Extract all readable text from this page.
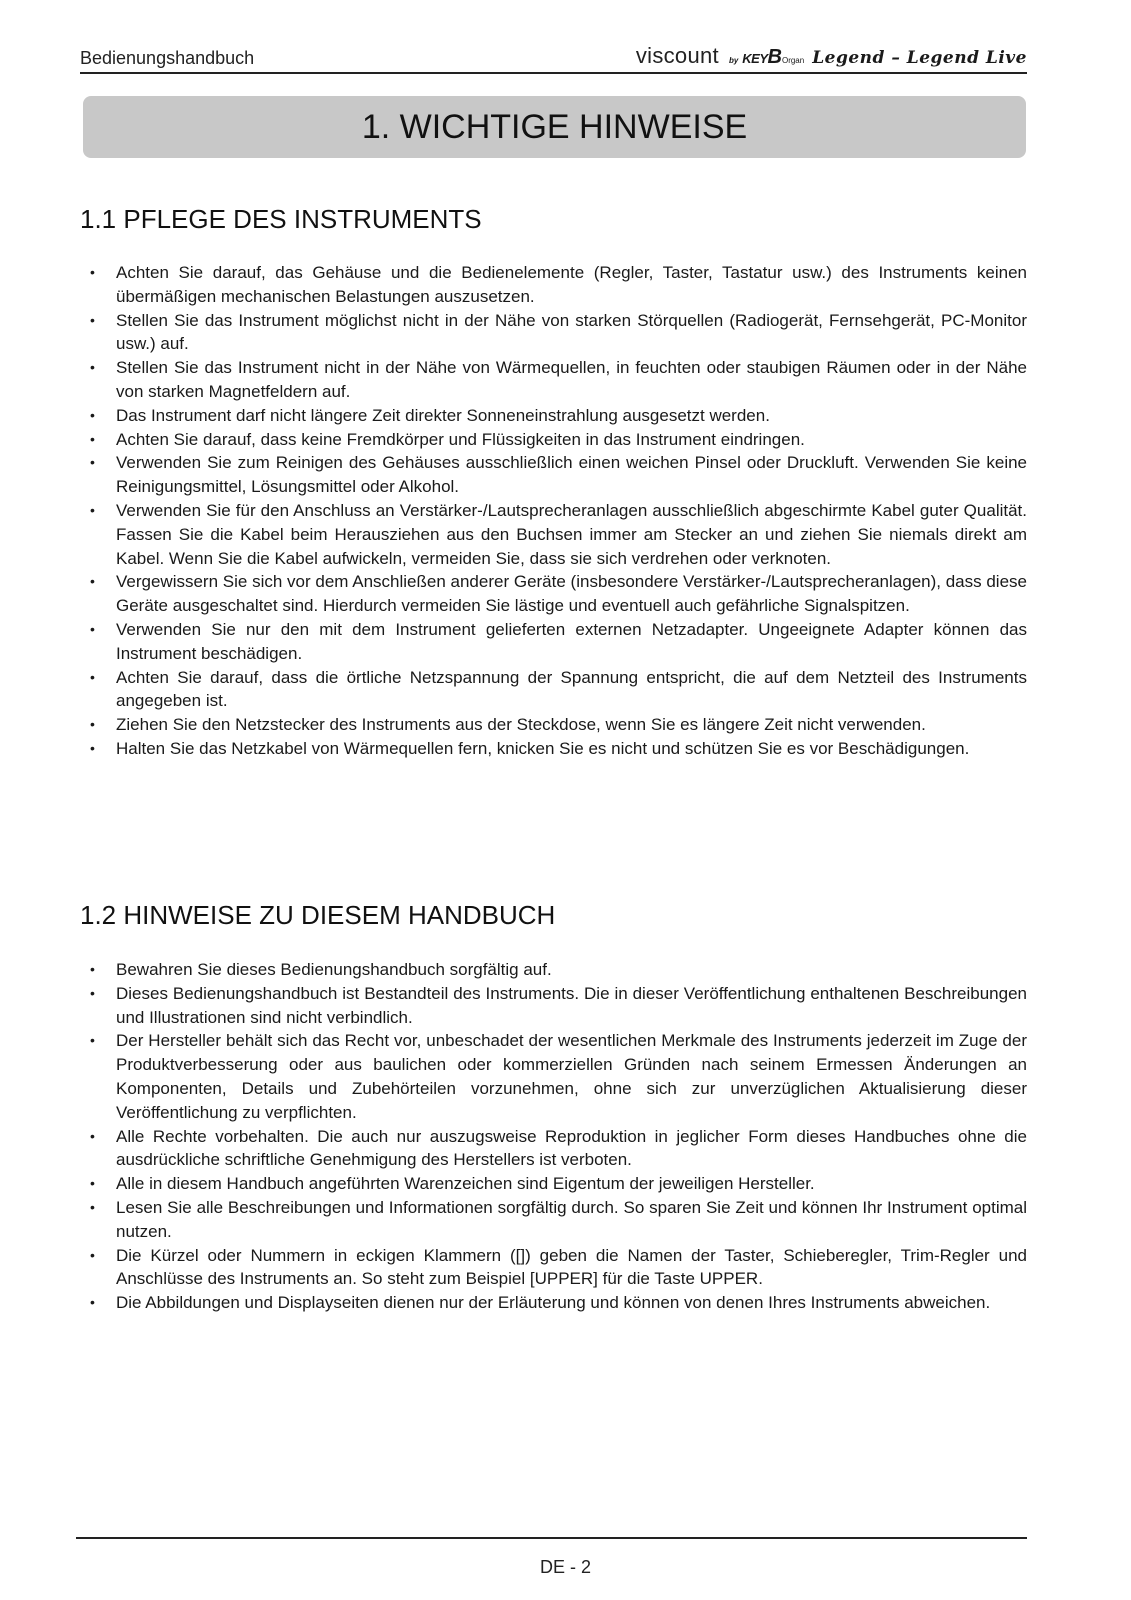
Bedienungshandbuch	viscount by KEYBOrgan Legend – Legend Live
1. WICHTIGE HINWEISE
1.1 PFLEGE DES INSTRUMENTS
• Achten Sie darauf, das Gehäuse und die Bedienelemente (Regler, Taster, Tastatur usw.) des Instruments keinen übermäßigen mechanischen Belastungen auszusetzen.
• Stellen Sie das Instrument möglichst nicht in der Nähe von starken Störquellen (Radiogerät, Fernsehgerät, PC-Monitor usw.) auf.
• Stellen Sie das Instrument nicht in der Nähe von Wärmequellen, in feuchten oder staubigen Räumen oder in der Nähe von starken Magnetfeldern auf.
• Das Instrument darf nicht längere Zeit direkter Sonneneinstrahlung ausgesetzt werden.
• Achten Sie darauf, dass keine Fremdkörper und Flüssigkeiten in das Instrument eindringen.
• Verwenden Sie zum Reinigen des Gehäuses ausschließlich einen weichen Pinsel oder Druckluft. Verwenden Sie keine Reinigungsmittel, Lösungsmittel oder Alkohol.
• Verwenden Sie für den Anschluss an Verstärker-/Lautsprecheranlagen ausschließlich abgeschirmte Kabel guter Qualität. Fassen Sie die Kabel beim Herausziehen aus den Buchsen immer am Stecker an und ziehen Sie niemals direkt am Kabel. Wenn Sie die Kabel aufwickeln, vermeiden Sie, dass sie sich verdrehen oder verknoten.
• Vergewissern Sie sich vor dem Anschließen anderer Geräte (insbesondere Verstärker-/Lautsprecheranlagen), dass diese Geräte ausgeschaltet sind. Hierdurch vermeiden Sie lästige und eventuell auch gefährliche Signalspitzen.
• Verwenden Sie nur den mit dem Instrument gelieferten externen Netzadapter. Ungeeignete Adapter können das Instrument beschädigen.
• Achten Sie darauf, dass die örtliche Netzspannung der Spannung entspricht, die auf dem Netzteil des Instruments angegeben ist.
• Ziehen Sie den Netzstecker des Instruments aus der Steckdose, wenn Sie es längere Zeit nicht verwenden.
• Halten Sie das Netzkabel von Wärmequellen fern, knicken Sie es nicht und schützen Sie es vor Beschädigungen.
1.2 HINWEISE ZU DIESEM HANDBUCH
• Bewahren Sie dieses Bedienungshandbuch sorgfältig auf.
• Dieses Bedienungshandbuch ist Bestandteil des Instruments. Die in dieser Veröffentlichung enthaltenen Beschreibungen und Illustrationen sind nicht verbindlich.
• Der Hersteller behält sich das Recht vor, unbeschadet der wesentlichen Merkmale des Instruments jederzeit im Zuge der Produktverbesserung oder aus baulichen oder kommerziellen Gründen nach seinem Ermessen Änderungen an Komponenten, Details und Zubehörteilen vorzunehmen, ohne sich zur unverzüglichen Aktualisierung dieser Veröffentlichung zu verpflichten.
• Alle Rechte vorbehalten. Die auch nur auszugsweise Reproduktion in jeglicher Form dieses Handbuches ohne die ausdrückliche schriftliche Genehmigung des Herstellers ist verboten.
• Alle in diesem Handbuch angeführten Warenzeichen sind Eigentum der jeweiligen Hersteller.
• Lesen Sie alle Beschreibungen und Informationen sorgfältig durch. So sparen Sie Zeit und können Ihr Instrument optimal nutzen.
• Die Kürzel oder Nummern in eckigen Klammern ([]) geben die Namen der Taster, Schieberegler, Trim-Regler und Anschlüsse des Instruments an. So steht zum Beispiel [UPPER] für die Taste UPPER.
• Die Abbildungen und Displayseiten dienen nur der Erläuterung und können von denen Ihres Instruments abweichen.
DE - 2
